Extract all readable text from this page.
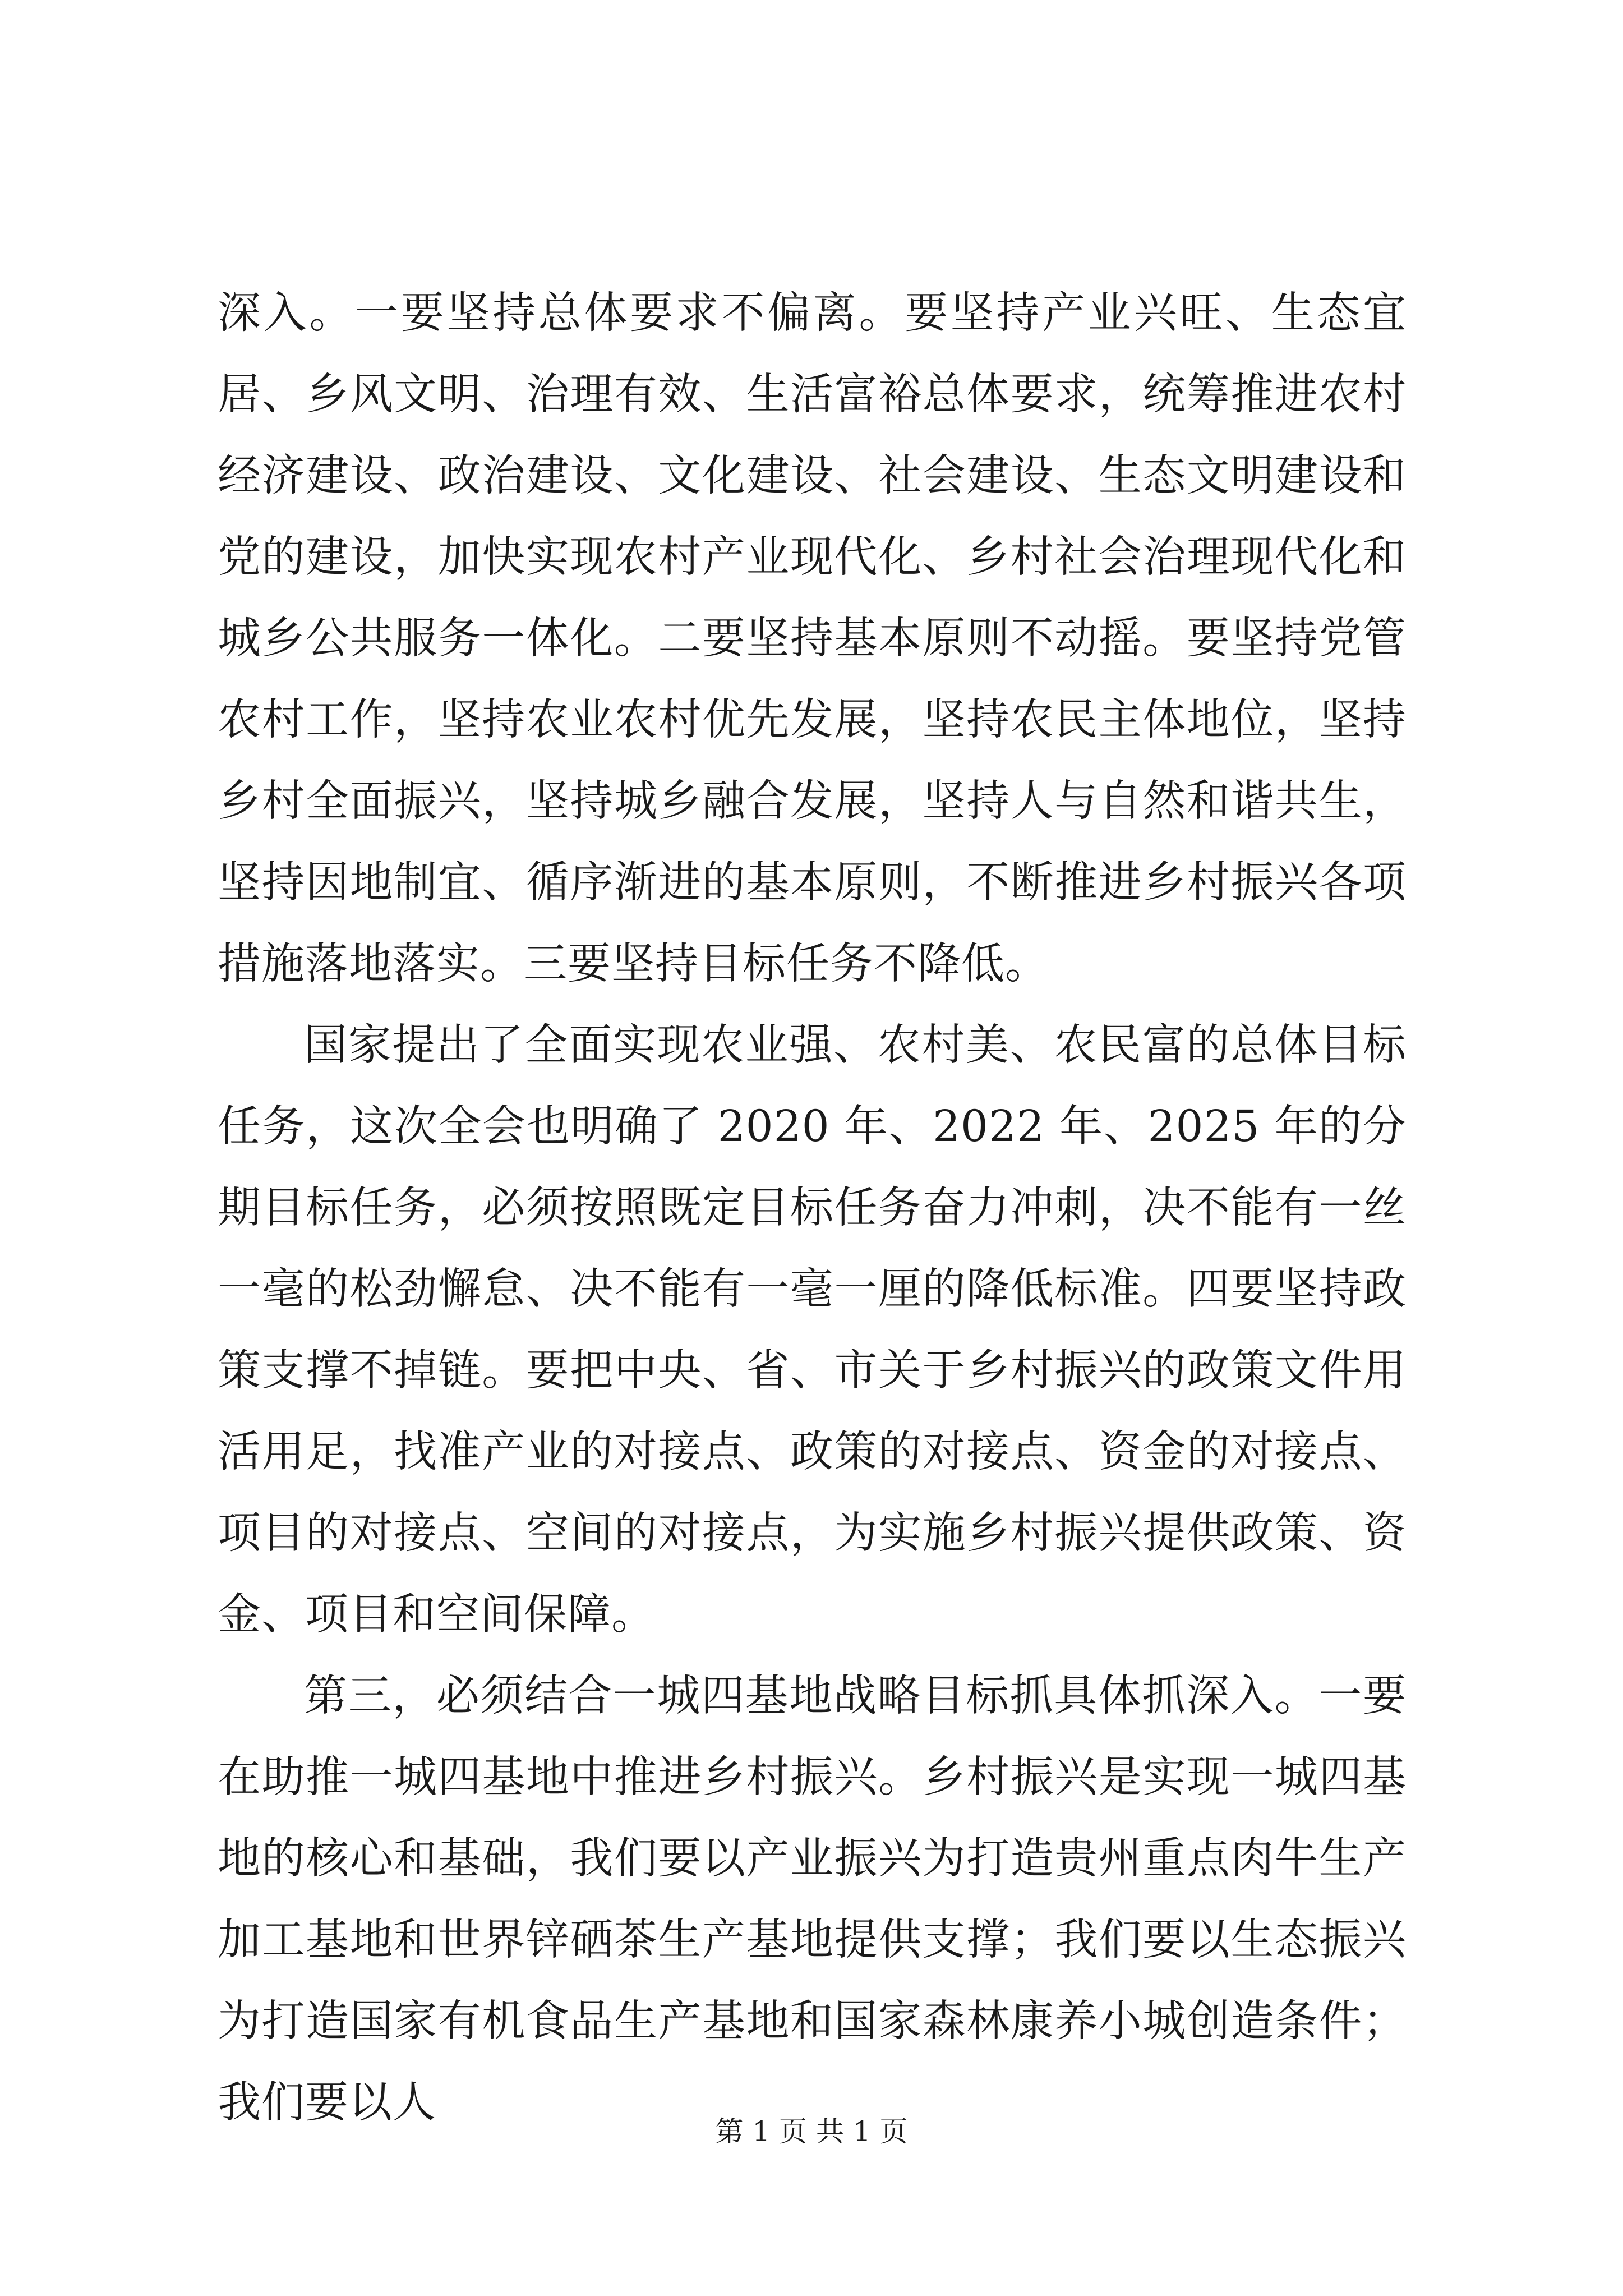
深入。一要坚持总体要求不偏离。要坚持产业兴旺、生态宜居、乡风文明、治理有效、生活富裕总体要求，统筹推进农村经济建设、政治建设、文化建设、社会建设、生态文明建设和党的建设，加快实现农村产业现代化、乡村社会治理现代化和城乡公共服务一体化。二要坚持基本原则不动摇。要坚持党管农村工作，坚持农业农村优先发展，坚持农民主体地位，坚持乡村全面振兴，坚持城乡融合发展，坚持人与自然和谐共生，坚持因地制宜、循序渐进的基本原则，不断推进乡村振兴各项措施落地落实。三要坚持目标任务不降低。

国家提出了全面实现农业强、农村美、农民富的总体目标任务，这次全会也明确了 2020 年、2022 年、2025 年的分期目标任务，必须按照既定目标任务奋力冲刺，决不能有一丝一毫的松劲懈怠、决不能有一毫一厘的降低标准。四要坚持政策支撑不掉链。要把中央、省、市关于乡村振兴的政策文件用活用足，找准产业的对接点、政策的对接点、资金的对接点、项目的对接点、空间的对接点，为实施乡村振兴提供政策、资金、项目和空间保障。

第三，必须结合一城四基地战略目标抓具体抓深入。一要在助推一城四基地中推进乡村振兴。乡村振兴是实现一城四基地的核心和基础，我们要以产业振兴为打造贵州重点肉牛生产加工基地和世界锌硒茶生产基地提供支撑；我们要以生态振兴为打造国家有机食品生产基地和国家森林康养小城创造条件；我们要以人

第 1 页 共 1 页
